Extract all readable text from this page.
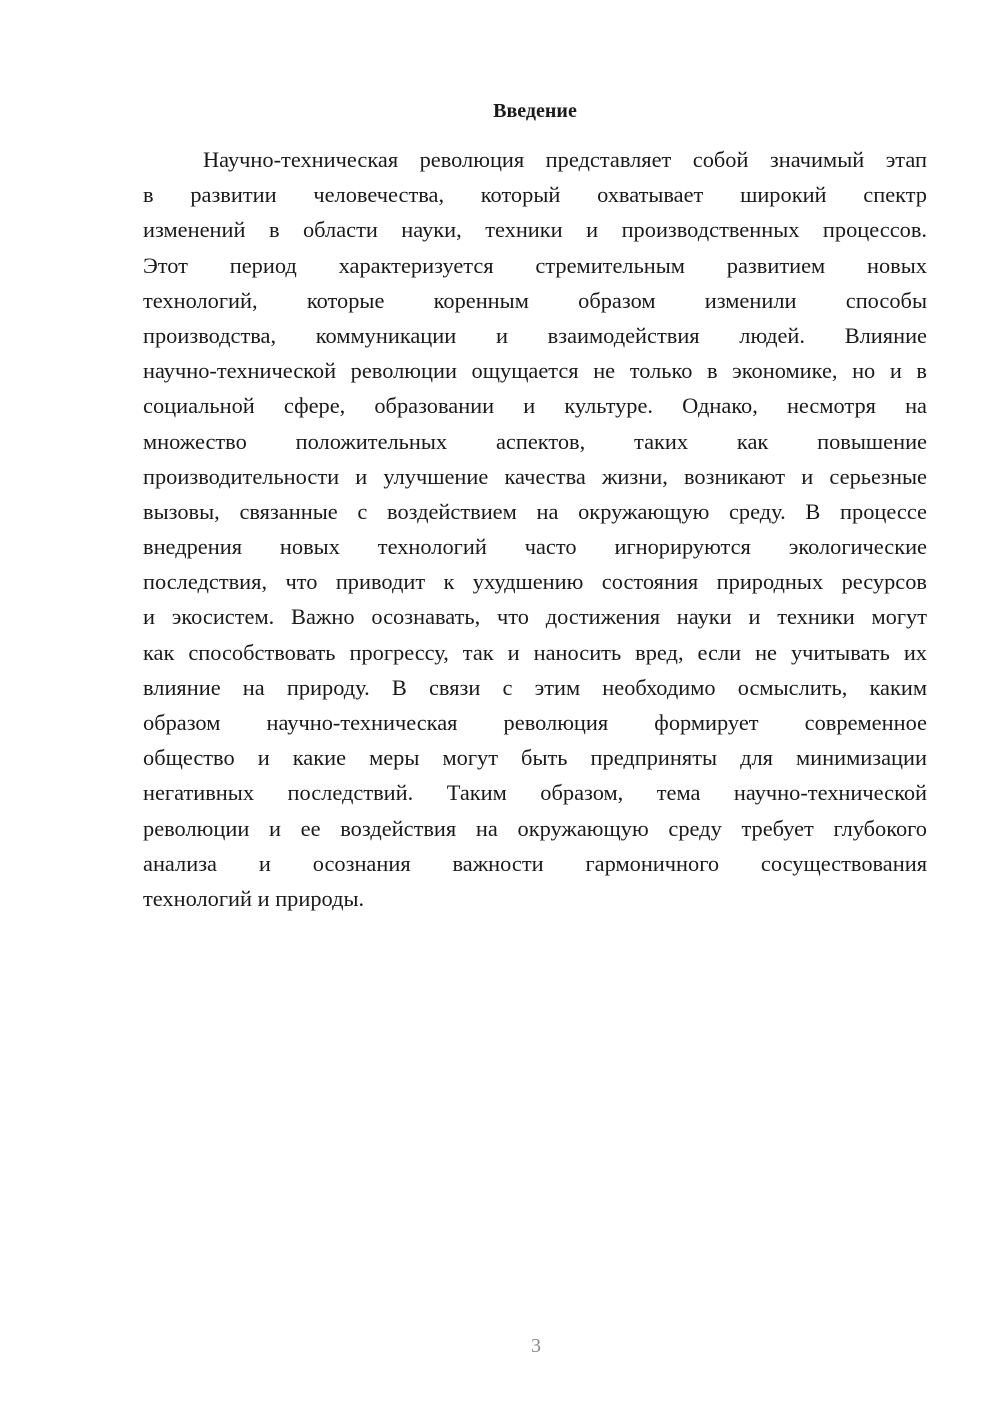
Введение
Научно-техническая революция представляет собой значимый этап
в развитии человечества, который охватывает широкий спектр
изменений в области науки, техники и производственных процессов.
Этот период характеризуется стремительным развитием новых
технологий, которые коренным образом изменили способы
производства, коммуникации и взаимодействия людей. Влияние
научно-технической революции ощущается не только в экономике, но и в
социальной сфере, образовании и культуре. Однако, несмотря на
множество положительных аспектов, таких как повышение
производительности и улучшение качества жизни, возникают и серьезные
вызовы, связанные с воздействием на окружающую среду. В процессе
внедрения новых технологий часто игнорируются экологические
последствия, что приводит к ухудшению состояния природных ресурсов
и экосистем. Важно осознавать, что достижения науки и техники могут
как способствовать прогрессу, так и наносить вред, если не учитывать их
влияние на природу. В связи с этим необходимо осмыслить, каким
образом научно-техническая революция формирует современное
общество и какие меры могут быть предприняты для минимизации
негативных последствий. Таким образом, тема научно-технической
революции и ее воздействия на окружающую среду требует глубокого
анализа и осознания важности гармоничного сосуществования
технологий и природы.
3
